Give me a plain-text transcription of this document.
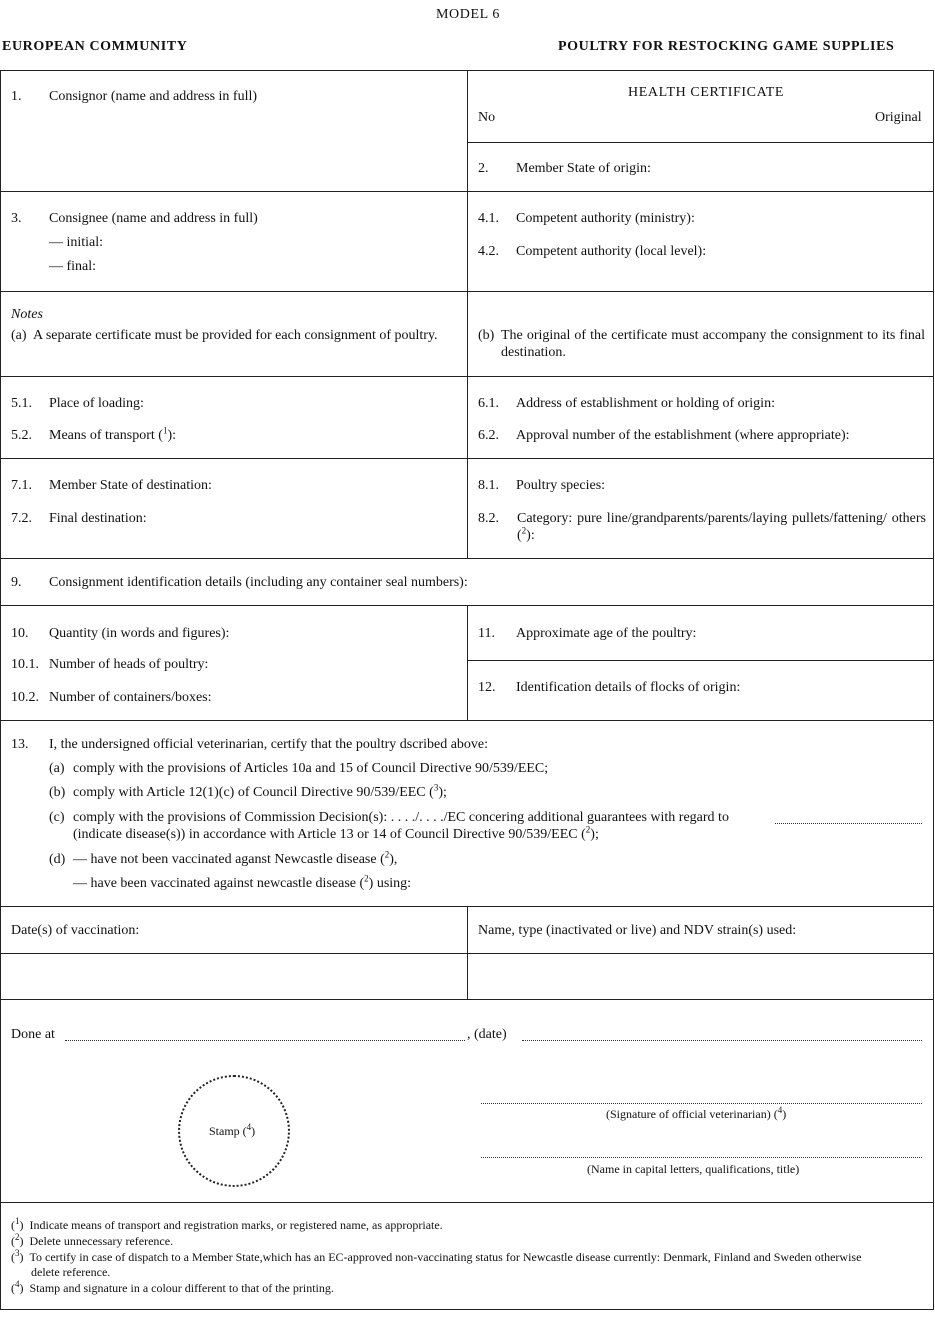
MODEL 6
EUROPEAN COMMUNITY	POULTRY FOR RESTOCKING GAME SUPPLIES
1. Consignor (name and address in full)	HEALTH CERTIFICATE
No	Original
2. Member State of origin:
3. Consignee (name and address in full)
— initial:
— final:
4.1. Competent authority (ministry):
4.2. Competent authority (local level):
Notes
(a) A separate certificate must be provided for each consignment of poultry.	(b) The original of the certificate must accompany the consignment to its final destination.
5.1. Place of loading:
5.2. Means of transport ($^1$):
6.1. Address of establishment or holding of origin:
6.2. Approval number of the establishment (where appropriate):
7.1. Member State of destination:
7.2. Final destination:
8.1. Poultry species:
8.2. Category: pure line/grandparents/parents/laying pullets/fattening/ others ($^2$):
9. Consignment identification details (including any container seal numbers):
10. Quantity (in words and figures):
10.1. Number of heads of poultry:
10.2. Number of containers/boxes:
11. Approximate age of the poultry:
12. Identification details of flocks of origin:
13. I, the undersigned official veterinarian, certify that the poultry dscribed above:
(a) comply with the provisions of Articles 10a and 15 of Council Directive 90/539/EEC;
(b) comply with Article 12(1)(c) of Council Directive 90/539/EEC ($^3$);
(c) comply with the provisions of Commission Decision(s): . . . ./. . . ./EC concering additional guarantees with regard to
(indicate disease(s)) in accordance with Article 13 or 14 of Council Directive 90/539/EEC ($^2$);
(d) — have not been vaccinated aganst Newcastle disease ($^2$),
— have been vaccinated against newcastle disease ($^2$) using:
Date(s) of vaccination:	Name, type (inactivated or live) and NDV strain(s) used:
Done at	, (date)
Stamp ($^4$)
(Signature of official veterinarian) ($^4$)
(Name in capital letters, qualifications, title)
($^1$)  Indicate means of transport and registration marks, or registered name, as appropriate.
($^2$)  Delete unnecessary reference.
($^3$)  To certify in case of dispatch to a Member State,which has an EC-approved non-vaccinating status for Newcastle disease currently: Denmark, Finland and Sweden otherwise
delete reference.
($^4$)  Stamp and signature in a colour different to that of the printing.
